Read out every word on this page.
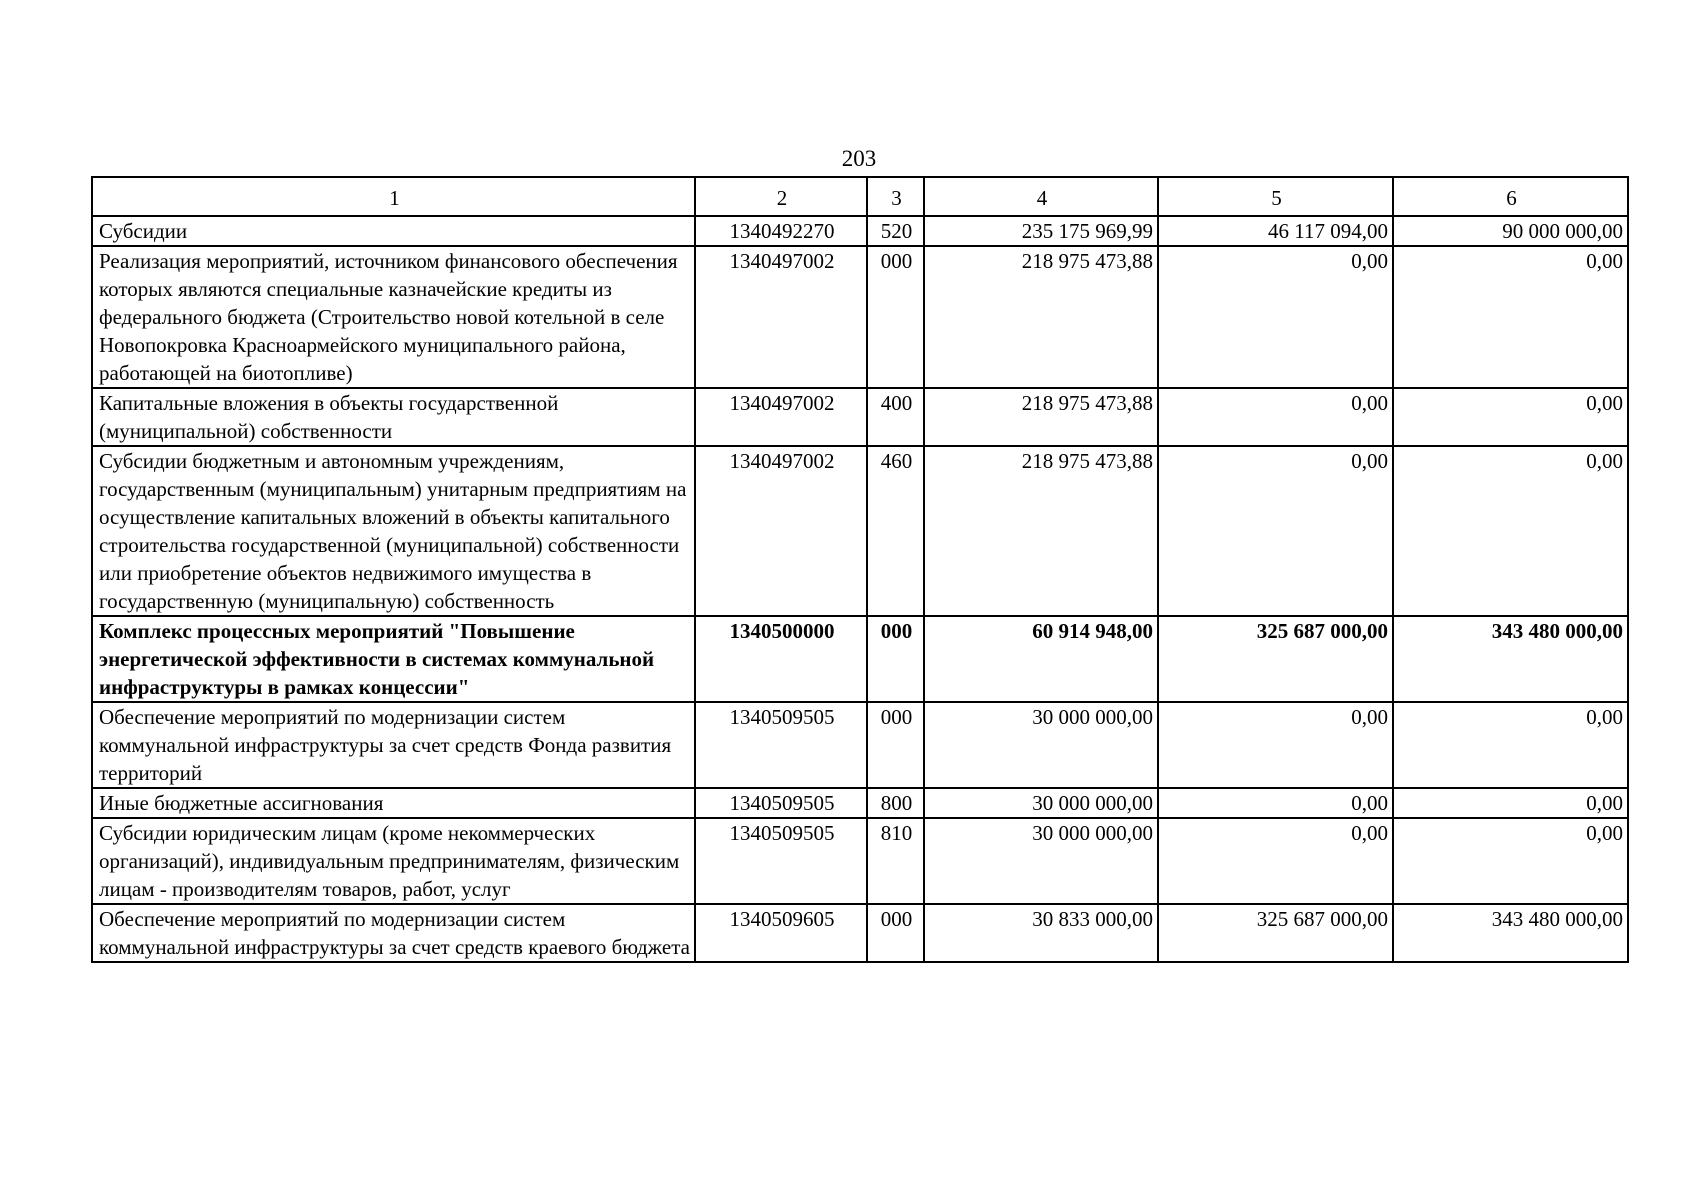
203
1	2	3	4	5	6
Субсидии	1340492270	520	235 175 969,99	46 117 094,00	90 000 000,00
Реализация мероприятий, источником финансового обеспечения которых являются специальные казначейские кредиты из федерального бюджета (Строительство новой котельной в селе Новопокровка Красноармейского муниципального района, работающей на биотопливе)	1340497002	000	218 975 473,88	0,00	0,00
Капитальные вложения в объекты государственной (муниципальной) собственности	1340497002	400	218 975 473,88	0,00	0,00
Субсидии бюджетным и автономным учреждениям, государственным (муниципальным) унитарным предприятиям на осуществление капитальных вложений в объекты капитального строительства государственной (муниципальной) собственности или приобретение объектов недвижимого имущества в государственную (муниципальную) собственность	1340497002	460	218 975 473,88	0,00	0,00
Комплекс процессных мероприятий "Повышение энергетической эффективности в системах коммунальной инфраструктуры в рамках концессии"	1340500000	000	60 914 948,00	325 687 000,00	343 480 000,00
Обеспечение мероприятий по модернизации систем коммунальной инфраструктуры за счет средств Фонда развития территорий	1340509505	000	30 000 000,00	0,00	0,00
Иные бюджетные ассигнования	1340509505	800	30 000 000,00	0,00	0,00
Субсидии юридическим лицам (кроме некоммерческих организаций), индивидуальным предпринимателям, физическим лицам - производителям товаров, работ, услуг	1340509505	810	30 000 000,00	0,00	0,00
Обеспечение мероприятий по модернизации систем коммунальной инфраструктуры за счет средств краевого бюджета	1340509605	000	30 833 000,00	325 687 000,00	343 480 000,00
